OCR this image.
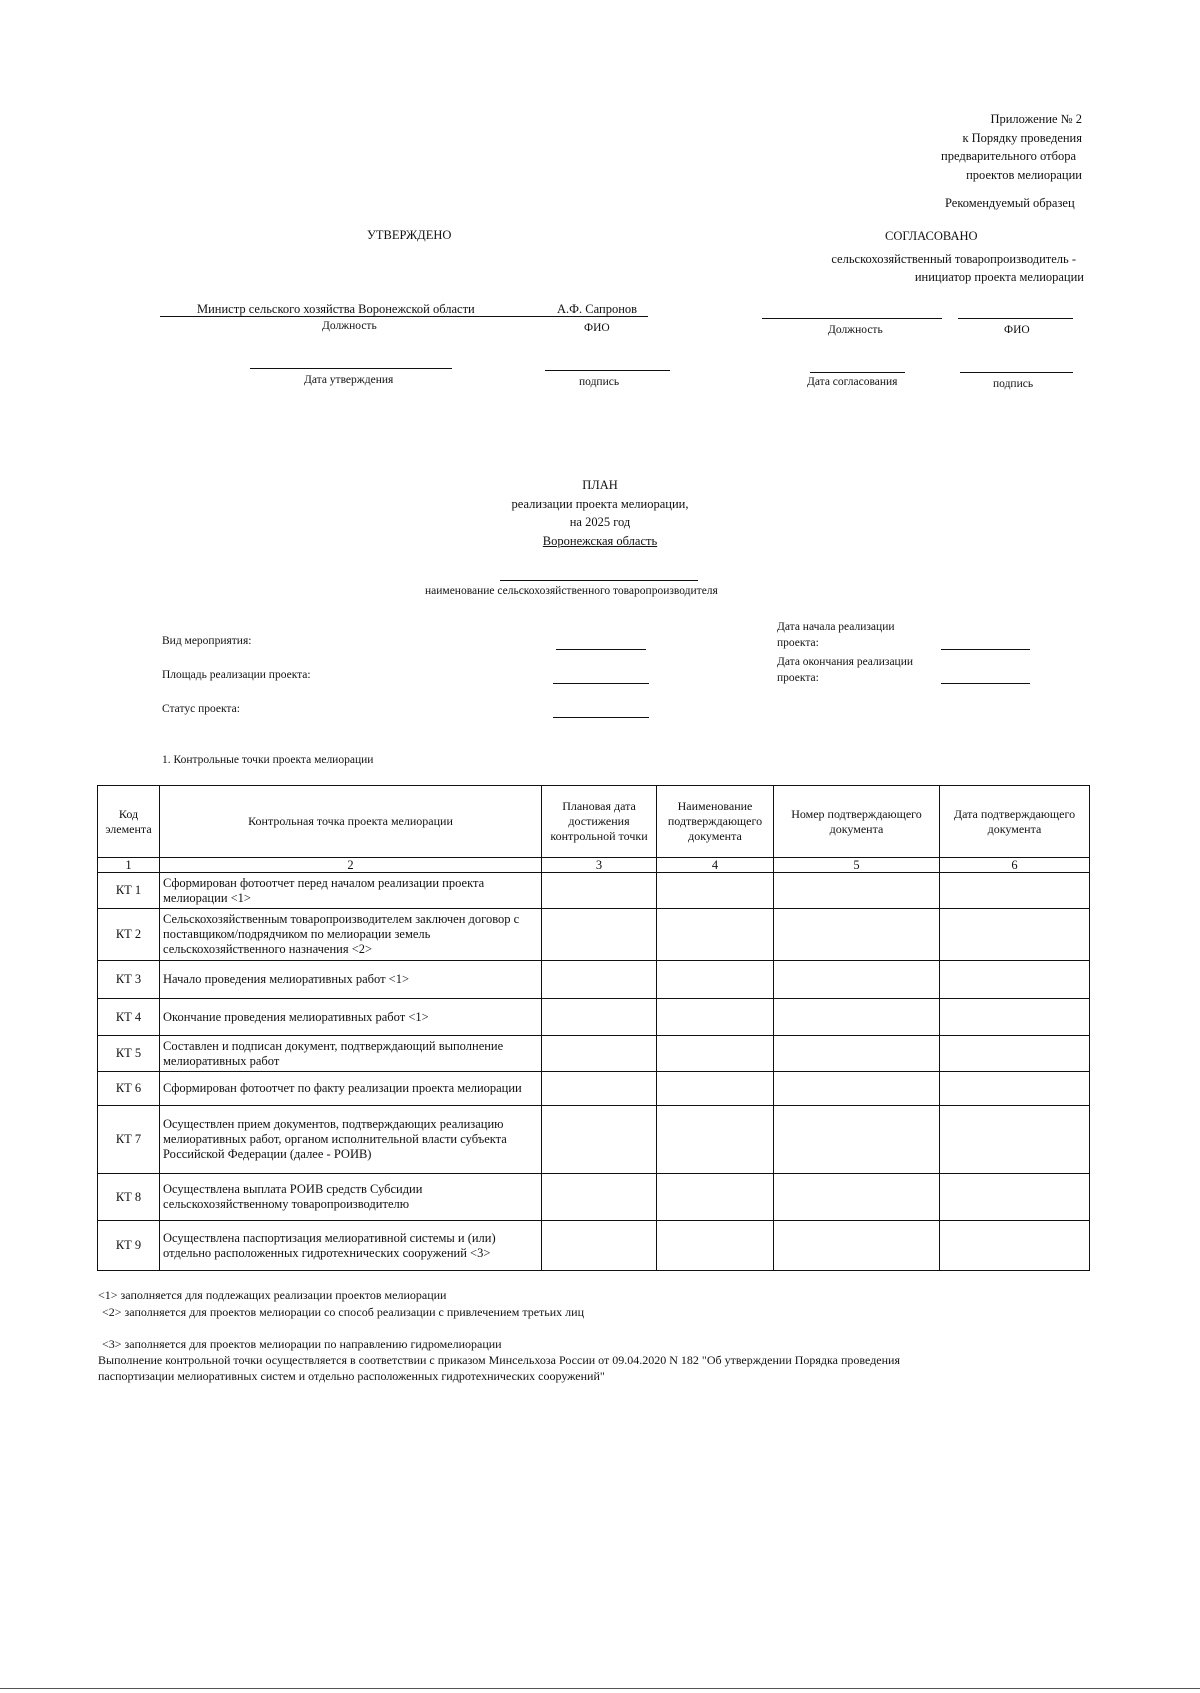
Приложение № 2
к Порядку проведения
предварительного отбора
проектов мелиорации
Рекомендуемый образец
УТВЕРЖДЕНО
Министр сельского хозяйства Воронежской области	А.Ф. Сапронов
Должность	ФИО
Дата утверждения	подпись
СОГЛАСОВАНО
сельскохозяйственный товаропроизводитель -
инициатор проекта мелиорации
Должность	ФИО
Дата согласования	подпись
ПЛАН
реализации проекта мелиорации,
на 2025 год
Воронежская область
наименование сельскохозяйственного товаропроизводителя
Вид мероприятия:
Площадь реализации проекта:
Статус проекта:
Дата начала реализации
проекта:
Дата окончания реализации
проекта:
1. Контрольные точки проекта мелиорации
Код элемента	Контрольная точка проекта мелиорации	Плановая дата достижения контрольной точки	Наименование подтверждающего документа	Номер подтверждающего документа	Дата подтверждающего документа
1	2	3	4	5	6
КТ 1	Сформирован фотоотчет перед началом реализации проекта мелиорации <1>				
КТ 2	Сельскохозяйственным товаропроизводителем заключен договор с поставщиком/подрядчиком по мелиорации земель сельскохозяйственного назначения <2>				
КТ 3	Начало проведения мелиоративных работ <1>				
КТ 4	Окончание проведения мелиоративных работ <1>				
КТ 5	Составлен и подписан документ, подтверждающий выполнение мелиоративных работ				
КТ 6	Сформирован фотоотчет по факту реализации проекта мелиорации				
КТ 7	Осуществлен прием документов, подтверждающих реализацию мелиоративных работ, органом исполнительной власти субъекта Российской Федерации (далее - РОИВ)				
КТ 8	Осуществлена выплата РОИВ средств Субсидии сельскохозяйственному товаропроизводителю				
КТ 9	Осуществлена паспортизация мелиоративной системы и (или) отдельно расположенных гидротехнических сооружений <3>				
<1> заполняется для подлежащих реализации проектов мелиорации
<2> заполняется для проектов мелиорации со способ реализации с привлечением третьих лиц
<3> заполняется для проектов мелиорации по направлению гидромелиорации
Выполнение контрольной точки осуществляется в соответствии с приказом Минсельхоза России от 09.04.2020 N 182 "Об утверждении Порядка проведения
паспортизации мелиоративных систем и отдельно расположенных гидротехнических сооружений"
